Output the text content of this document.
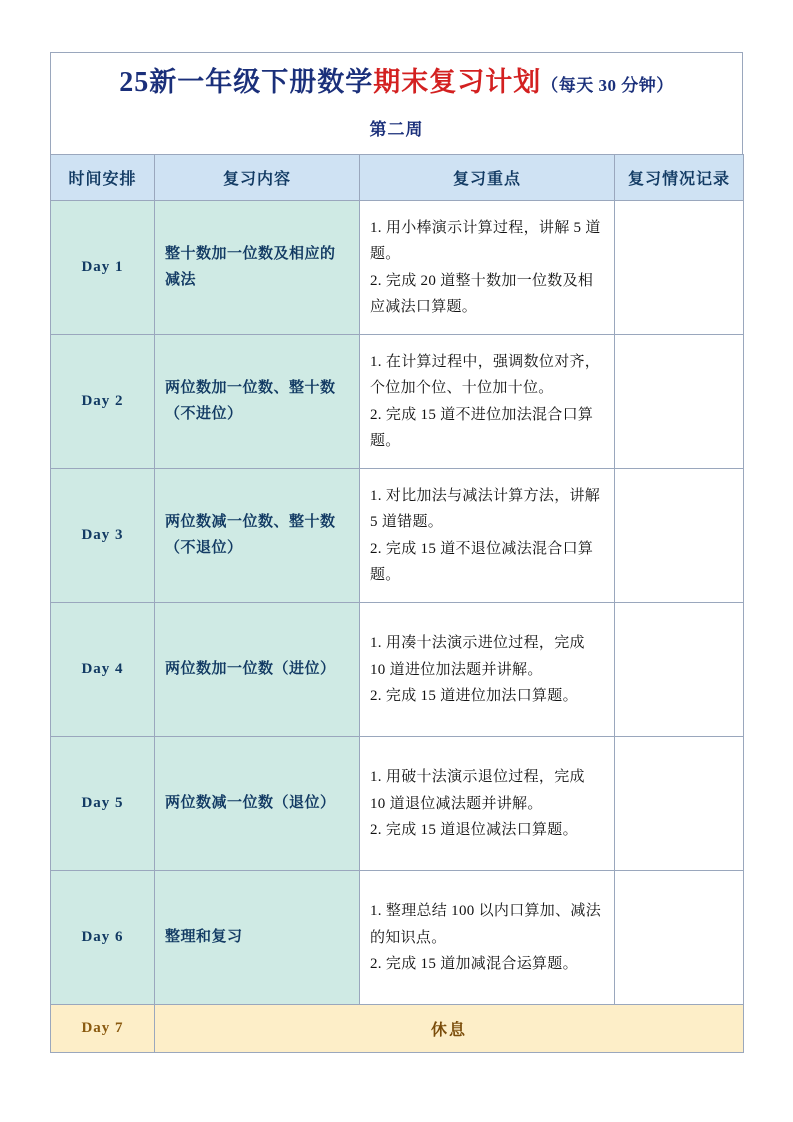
25新一年级下册数学期末复习计划（每天 30 分钟）
第二周
时间安排	复习内容	复习重点	复习情况记录
Day 1	整十数加一位数及相应的减法	1. 用小棒演示计算过程，讲解 5 道题。
2. 完成 20 道整十数加一位数及相应减法口算题。	

Day 2	两位数加一位数、整十数（不进位）	1. 在计算过程中，强调数位对齐，个位加个位、十位加十位。
2. 完成 15 道不进位加法混合口算题。	

Day 3	两位数减一位数、整十数（不退位）	1. 对比加法与减法计算方法，讲解 5 道错题。
2. 完成 15 道不退位减法混合口算题。	

Day 4	两位数加一位数（进位）	1. 用凑十法演示进位过程，完成 10 道进位加法题并讲解。
2. 完成 15 道进位加法口算题。	

Day 5	两位数减一位数（退位）	1. 用破十法演示退位过程，完成 10 道退位减法题并讲解。
2. 完成 15 道退位减法口算题。	

Day 6	整理和复习	1. 整理总结 100 以内口算加、减法的知识点。
2. 完成 15 道加减混合运算题。	

Day 7	休息		
